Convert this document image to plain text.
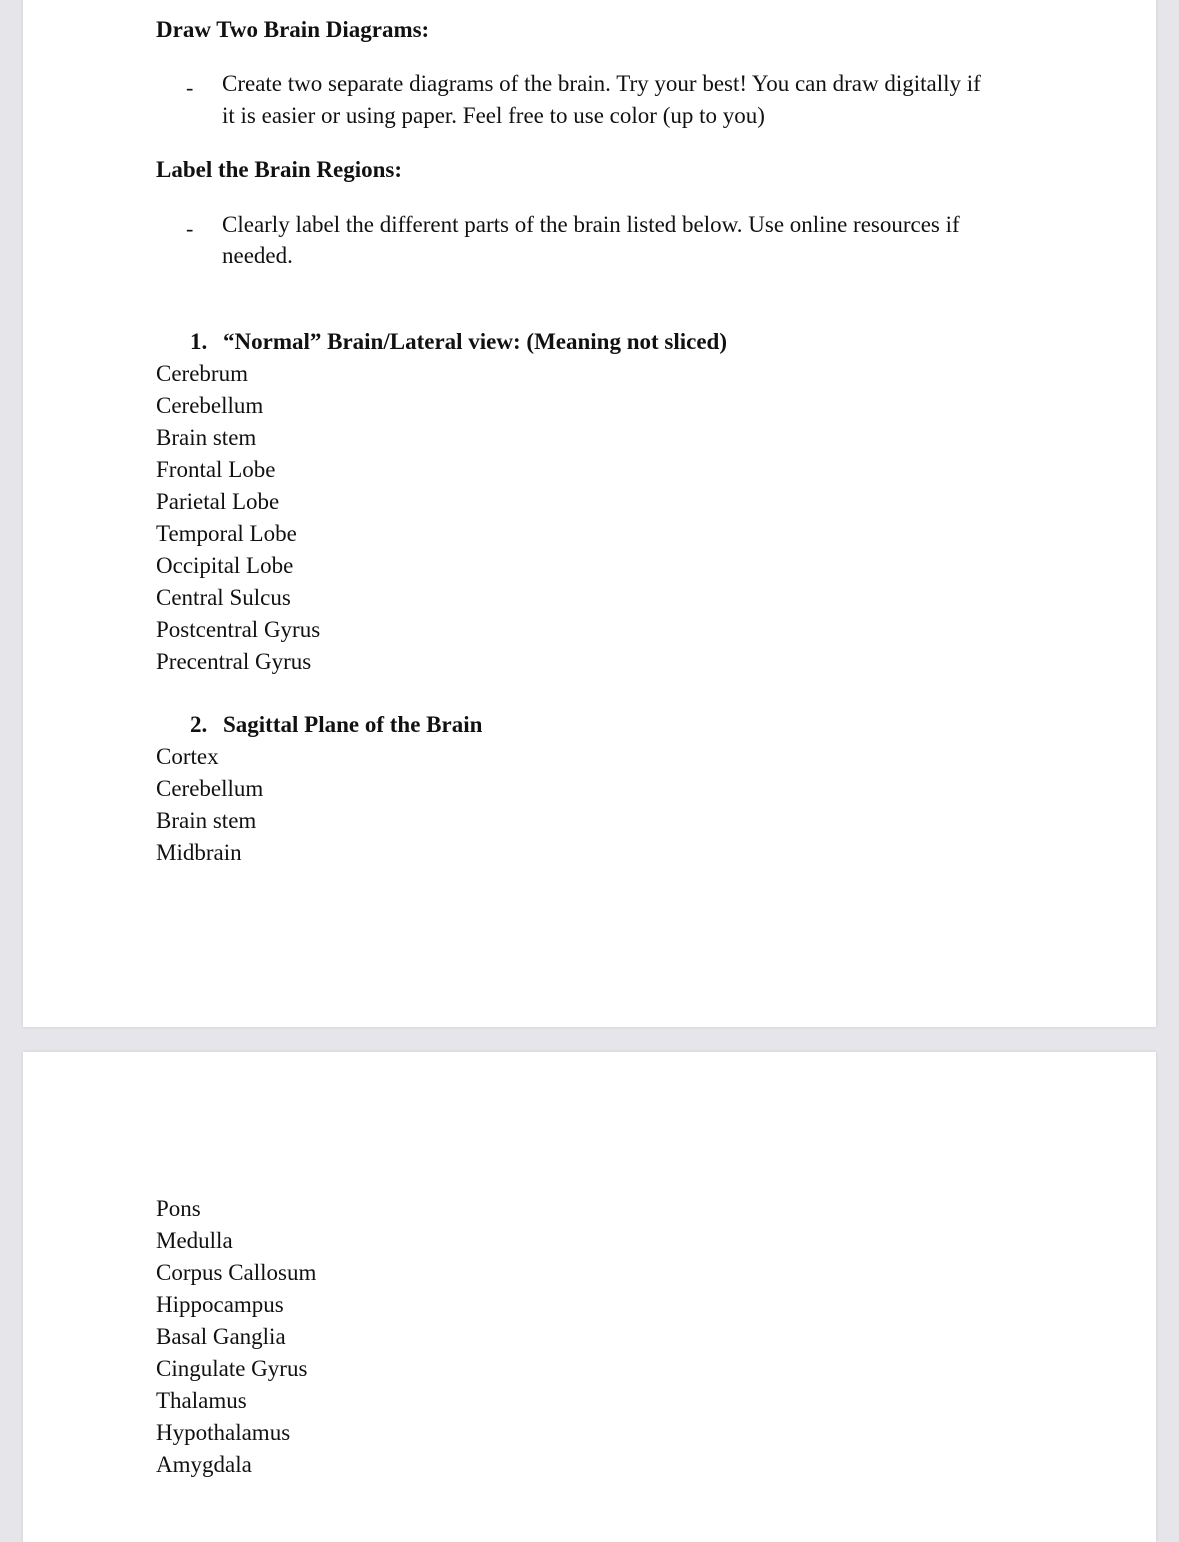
Draw Two Brain Diagrams:
- Create two separate diagrams of the brain. Try your best! You can draw digitally if
it is easier or using paper. Feel free to use color (up to you)
Label the Brain Regions:
- Clearly label the different parts of the brain listed below. Use online resources if
needed.
1. “Normal” Brain/Lateral view: (Meaning not sliced)
Cerebrum
Cerebellum
Brain stem
Frontal Lobe
Parietal Lobe
Temporal Lobe
Occipital Lobe
Central Sulcus
Postcentral Gyrus
Precentral Gyrus
2. Sagittal Plane of the Brain
Cortex
Cerebellum
Brain stem
Midbrain
Pons
Medulla
Corpus Callosum
Hippocampus
Basal Ganglia
Cingulate Gyrus
Thalamus
Hypothalamus
Amygdala
